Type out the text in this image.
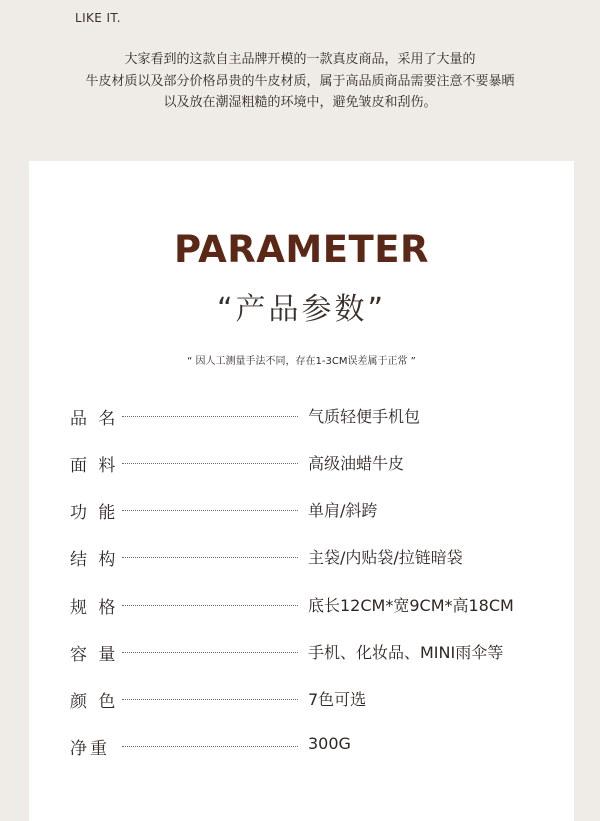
LIKE IT.
大家看到的这款自主品牌开模的一款真皮商品，采用了大量的
牛皮材质以及部分价格昂贵的牛皮材质，属于高品质商品需要注意不要暴晒
以及放在潮湿粗糙的环境中，避免皱皮和刮伤。
PARAMETER
“产品参数”
“ 因人工测量手法不同，存在1-3CM误差属于正常 ”
品 名	气质轻便手机包
面 料	高级油蜡牛皮
功 能	单肩/斜跨
结 构	主袋/内贴袋/拉链暗袋
规 格	底长12CM*宽9CM*高18CM
容 量	手机、化妆品、MINI雨伞等
颜 色	7色可选
净重	300G
